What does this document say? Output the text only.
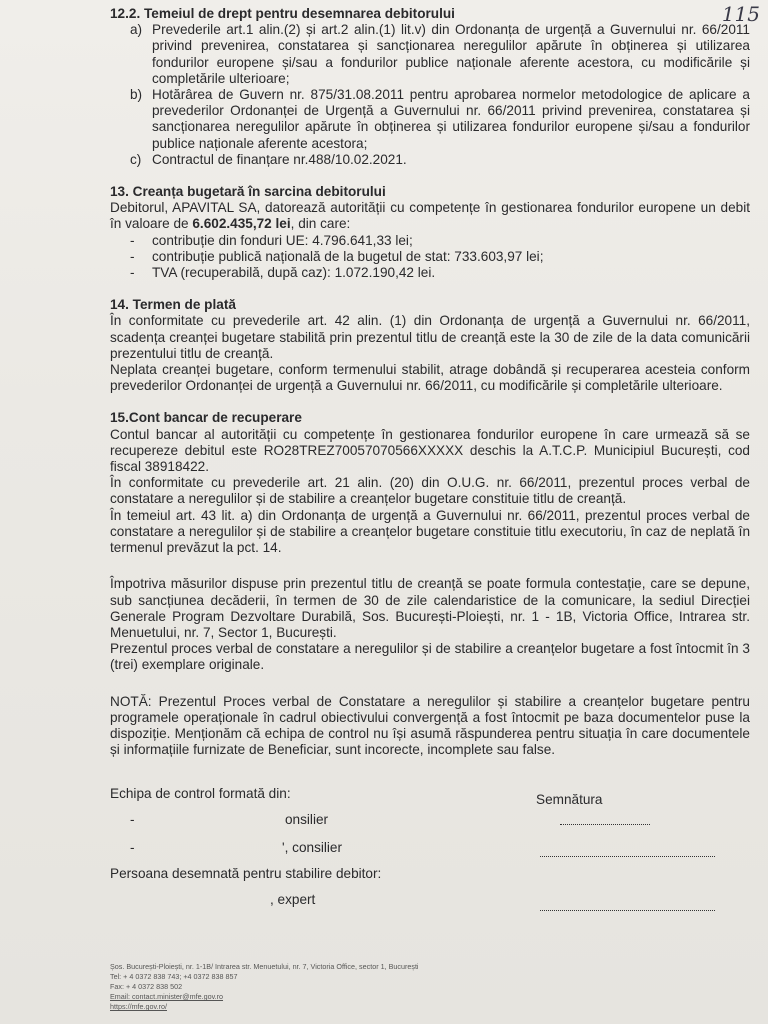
115
12.2. Temeiul de drept pentru desemnarea debitorului
a) Prevederile art.1 alin.(2) și art.2 alin.(1) lit.v) din Ordonanța de urgență a Guvernului nr. 66/2011 privind prevenirea, constatarea și sancționarea neregulilor apărute în obținerea și utilizarea fondurilor europene și/sau a fondurilor publice naționale aferente acestora, cu modificările și completările ulterioare;
b) Hotărârea de Guvern nr. 875/31.08.2011 pentru aprobarea normelor metodologice de aplicare a prevederilor Ordonanței de Urgență a Guvernului nr. 66/2011 privind prevenirea, constatarea și sancționarea neregulilor apărute în obținerea și utilizarea fondurilor europene și/sau a fondurilor publice naționale aferente acestora;
c) Contractul de finanțare nr.488/10.02.2021.
13. Creanța bugetară în sarcina debitorului
Debitorul, APAVITAL SA, datorează autorității cu competențe în gestionarea fondurilor europene un debit în valoare de 6.602.435,72 lei, din care:
-	contribuție din fonduri UE: 4.796.641,33 lei;
-	contribuție publică națională de la bugetul de stat: 733.603,97 lei;
-	TVA (recuperabilă, după caz): 1.072.190,42 lei.
14. Termen de plată
În conformitate cu prevederile art. 42 alin. (1) din Ordonanța de urgență a Guvernului nr. 66/2011, scadența creanței bugetare stabilită prin prezentul titlu de creanță este la 30 de zile de la data comunicării prezentului titlu de creanță.
Neplata creanței bugetare, conform termenului stabilit, atrage dobândă și recuperarea acesteia conform prevederilor Ordonanței de urgență a Guvernului nr. 66/2011, cu modificările și completările ulterioare.
15.Cont bancar de recuperare
Contul bancar al autorității cu competențe în gestionarea fondurilor europene în care urmează să se recupereze debitul este RO28TREZ70057070566XXXXX deschis la A.T.C.P. Municipiul București, cod fiscal 38918422.
În conformitate cu prevederile art. 21 alin. (20) din O.U.G. nr. 66/2011, prezentul proces verbal de constatare a neregulilor și de stabilire a creanțelor bugetare constituie titlu de creanță.
În temeiul art. 43 lit. a) din Ordonanța de urgență a Guvernului nr. 66/2011, prezentul proces verbal de constatare a neregulilor și de stabilire a creanțelor bugetare constituie titlu executoriu, în caz de neplată în termenul prevăzut la pct. 14.
Împotriva măsurilor dispuse prin prezentul titlu de creanță se poate formula contestație, care se depune, sub sancțiunea decăderii, în termen de 30 de zile calendaristice de la comunicare, la sediul Direcției Generale Program Dezvoltare Durabilă, Sos. București-Ploiești, nr. 1 - 1B, Victoria Office, Intrarea str. Menuetului, nr. 7, Sector 1, București.
Prezentul proces verbal de constatare a neregulilor și de stabilire a creanțelor bugetare a fost întocmit în 3 (trei) exemplare originale.
NOTĂ: Prezentul Proces verbal de Constatare a neregulilor și stabilire a creanțelor bugetare pentru programele operaționale în cadrul obiectivului convergență a fost întocmit pe baza documentelor puse la dispoziție. Menționăm că echipa de control nu își asumă răspunderea pentru situația în care documentele și informațiile furnizate de Beneficiar, sunt incorecte, incomplete sau false.
Echipa de control formată din:	Semnătura
-	onsilier
-	', consilier
Persoana desemnată pentru stabilire debitor:
, expert
Șos. București-Ploiești, nr. 1-1B/ Intrarea str. Menuetului, nr. 7, Victoria Office, sector 1, București
Tel: + 4 0372 838 743; +4 0372 838 857
Fax: + 4 0372 838 502
Email: contact.minister@mfe.gov.ro
https://mfe.gov.ro/
